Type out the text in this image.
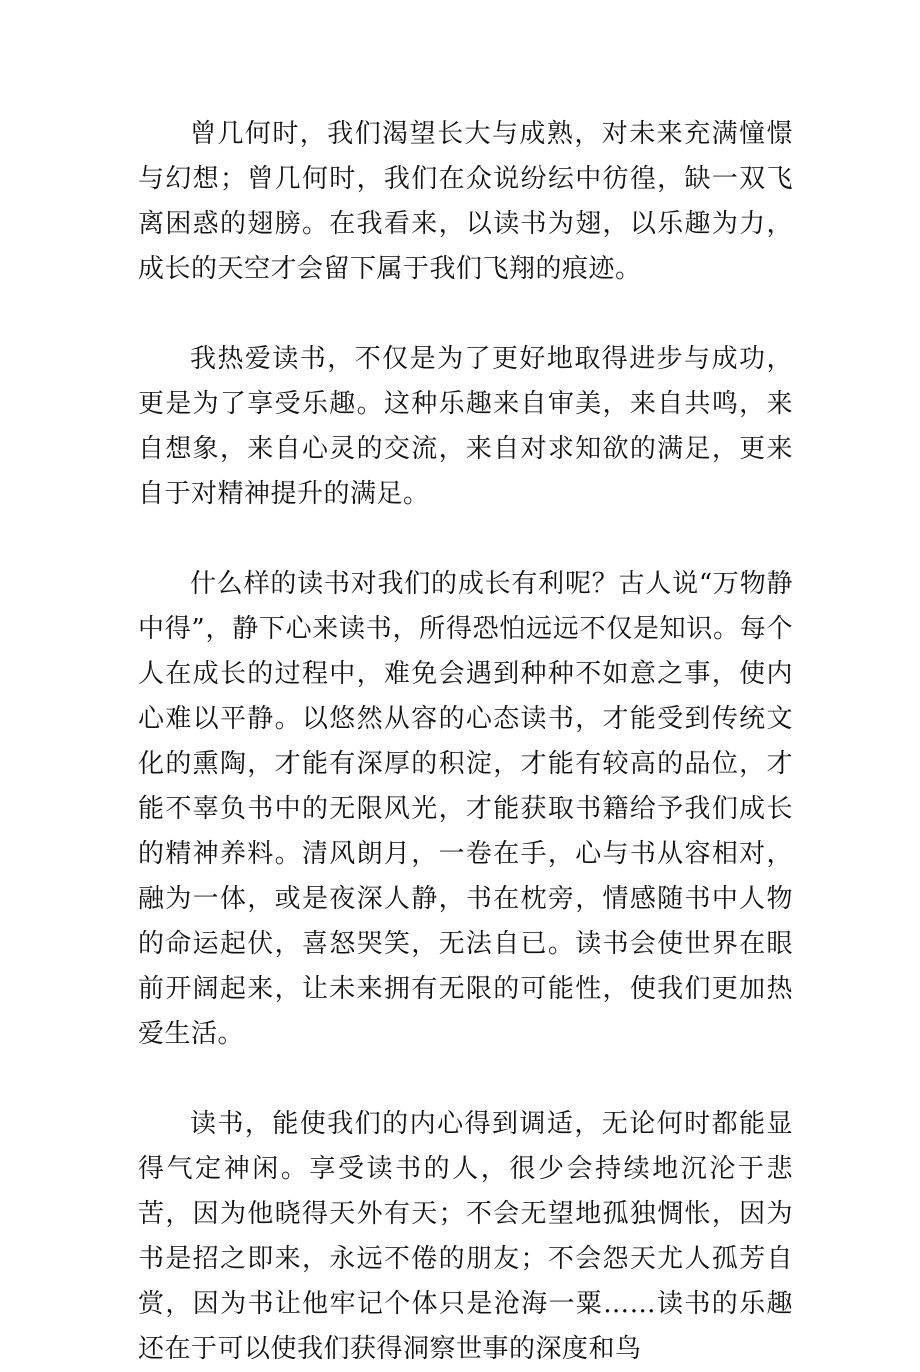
曾几何时，我们渴望长大与成熟，对未来充满憧憬与幻想；曾几何时，我们在众说纷纭中彷徨，缺一双飞离困惑的翅膀。在我看来，以读书为翅，以乐趣为力，成长的天空才会留下属于我们飞翔的痕迹。

我热爱读书，不仅是为了更好地取得进步与成功，更是为了享受乐趣。这种乐趣来自审美，来自共鸣，来自想象，来自心灵的交流，来自对求知欲的满足，更来自于对精神提升的满足。

什么样的读书对我们的成长有利呢？古人说“万物静中得”，静下心来读书，所得恐怕远远不仅是知识。每个人在成长的过程中，难免会遇到种种不如意之事，使内心难以平静。以悠然从容的心态读书，才能受到传统文化的熏陶，才能有深厚的积淀，才能有较高的品位，才能不辜负书中的无限风光，才能获取书籍给予我们成长的精神养料。清风朗月，一卷在手，心与书从容相对，融为一体，或是夜深人静，书在枕旁，情感随书中人物的命运起伏，喜怒哭笑，无法自已。读书会使世界在眼前开阔起来，让未来拥有无限的可能性，使我们更加热爱生活。

读书，能使我们的内心得到调适，无论何时都能显得气定神闲。享受读书的人，很少会持续地沉沦于悲苦，因为他晓得天外有天；不会无望地孤独惆怅，因为书是招之即来，永远不倦的朋友；不会怨天尤人孤芳自赏，因为书让他牢记个体只是沧海一粟……读书的乐趣还在于可以使我们获得洞察世事的深度和鸟
